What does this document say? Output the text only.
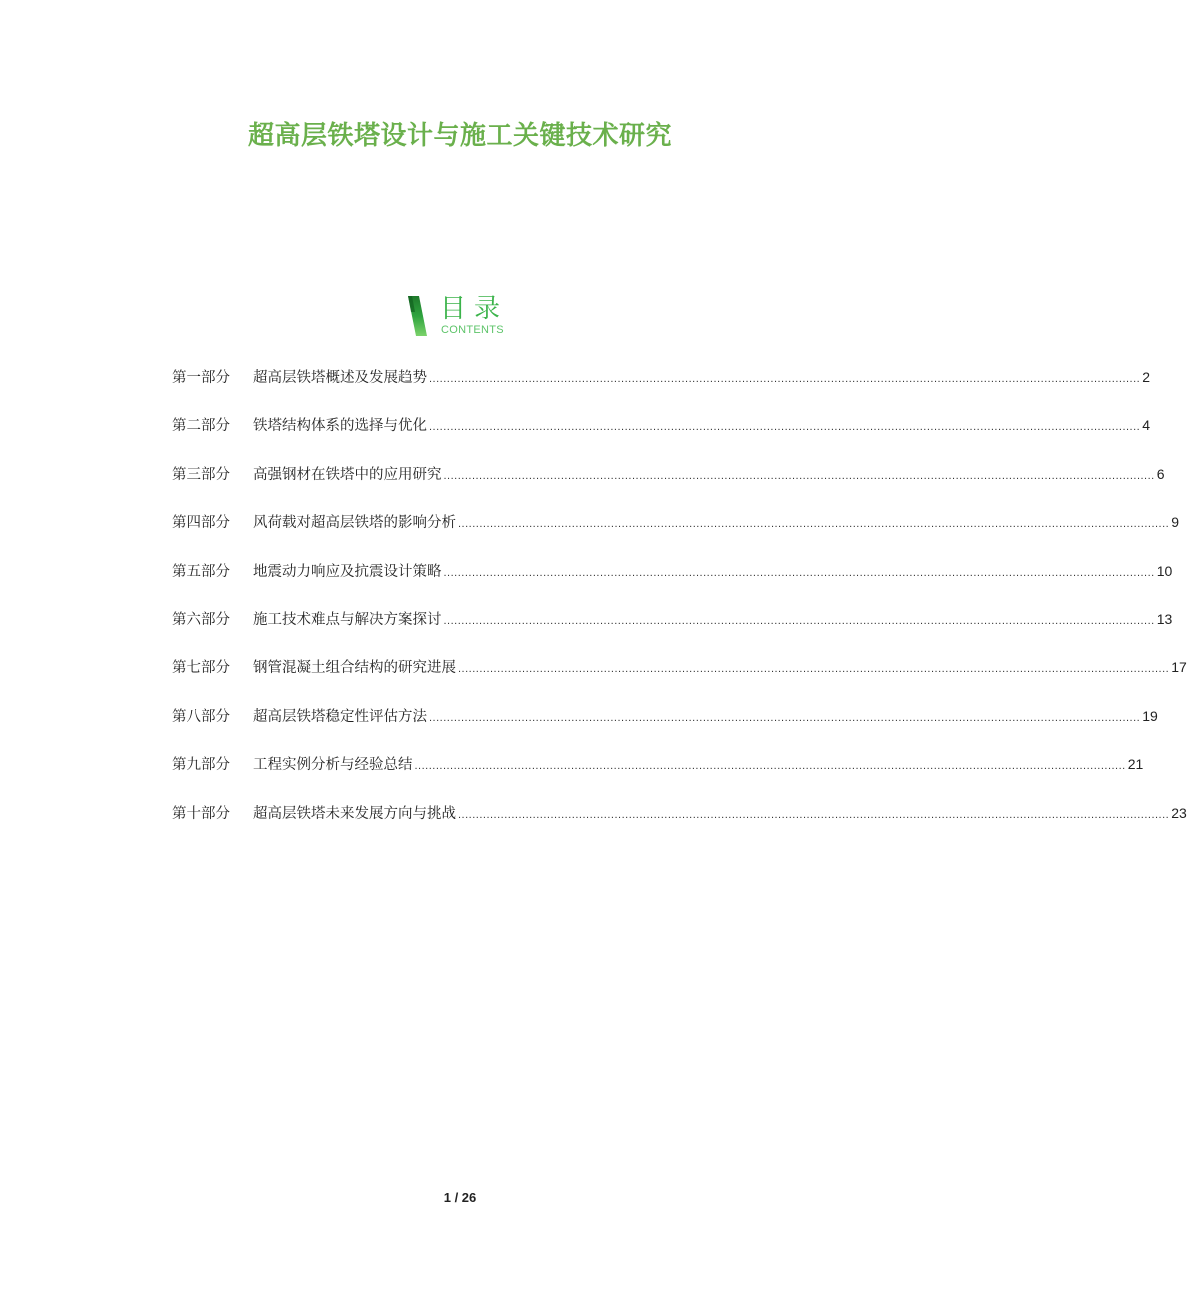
超高层铁塔设计与施工关键技术研究
目录
CONTENTS
第一部分	超高层铁塔概述及发展趋势 ........................................................................................................................................................................................................ 2
第二部分	铁塔结构体系的选择与优化 ........................................................................................................................................................................................................ 4
第三部分	高强钢材在铁塔中的应用研究 ........................................................................................................................................................................................................ 6
第四部分	风荷载对超高层铁塔的影响分析 ........................................................................................................................................................................................................ 9
第五部分	地震动力响应及抗震设计策略 ........................................................................................................................................................................................................ 10
第六部分	施工技术难点与解决方案探讨 ........................................................................................................................................................................................................ 13
第七部分	钢管混凝土组合结构的研究进展 ........................................................................................................................................................................................................ 17
第八部分	超高层铁塔稳定性评估方法 ........................................................................................................................................................................................................ 19
第九部分	工程实例分析与经验总结 ........................................................................................................................................................................................................ 21
第十部分	超高层铁塔未来发展方向与挑战 ........................................................................................................................................................................................................ 23
1 / 26
